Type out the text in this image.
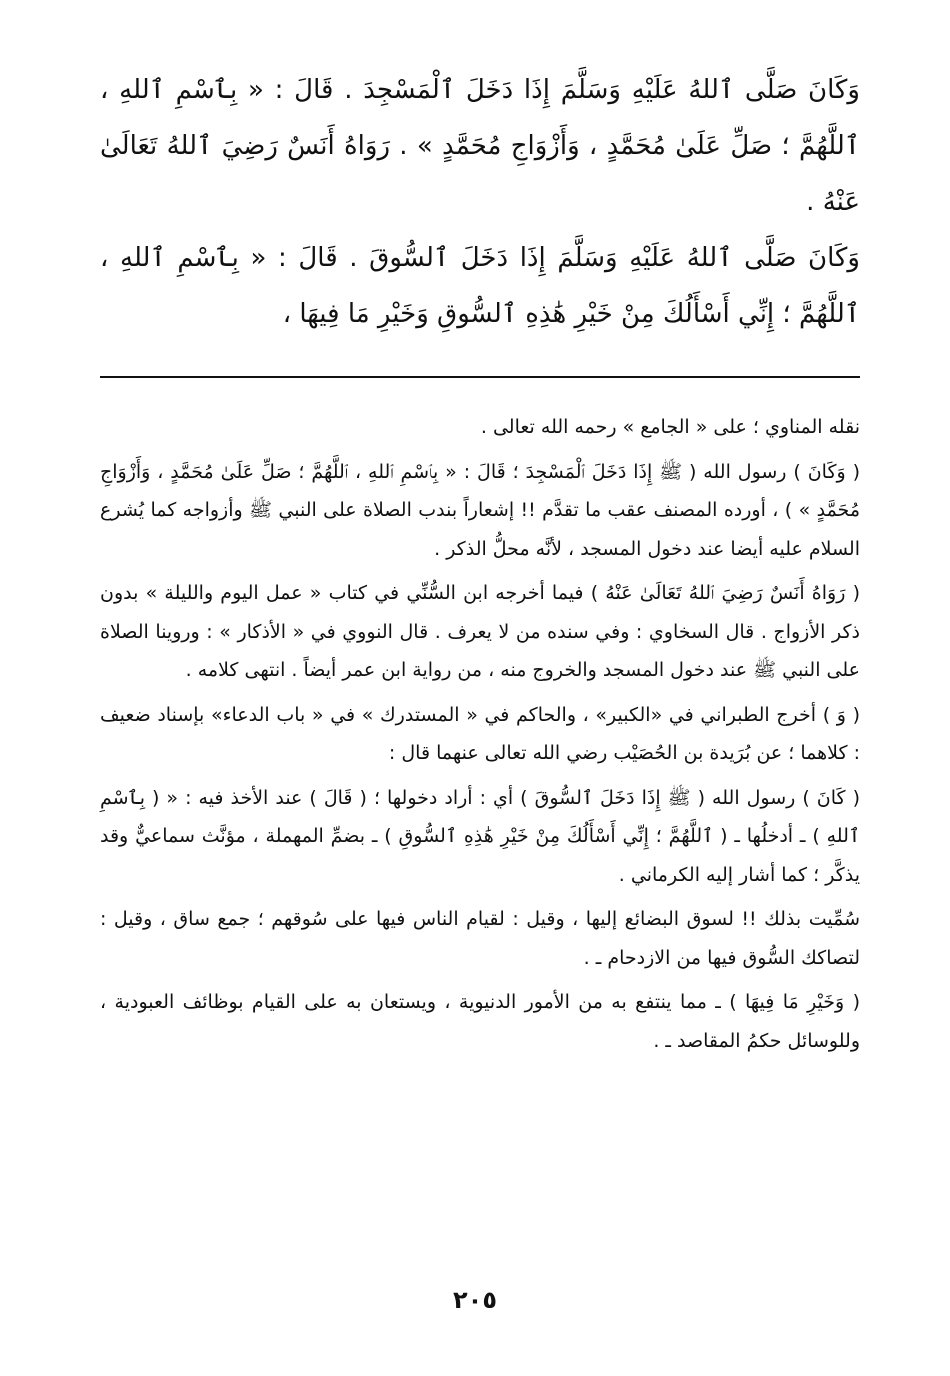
وَكَانَ صَلَّى ٱللهُ عَلَيْهِ وَسَلَّمَ إِذَا دَخَلَ ٱلْمَسْجِدَ . قَالَ : « بِٱسْمِ ٱللهِ ، ٱللَّهُمَّ ؛ صَلِّ عَلَىٰ مُحَمَّدٍ ، وَأَزْوَاجِ مُحَمَّدٍ » . رَوَاهُ أَنَسٌ رَضِيَ ٱللهُ تَعَالَىٰ عَنْهُ .

وَكَانَ صَلَّى ٱللهُ عَلَيْهِ وَسَلَّمَ إِذَا دَخَلَ ٱلسُّوقَ . قَالَ : « بِٱسْمِ ٱللهِ ، ٱللَّهُمَّ ؛ إِنِّي أَسْأَلُكَ مِنْ خَيْرِ هَٰذِهِ ٱلسُّوقِ وَخَيْرِ مَا فِيهَا ،

نقله المناوي ؛ على « الجامع » رحمه الله تعالى .

( وَكَانَ ) رسول الله ( ﷺ إِذَا دَخَلَ ٱلْمَسْجِدَ ؛ قَالَ : « بِٱسْمِ ٱللهِ ، ٱللَّهُمَّ ؛ صَلِّ عَلَىٰ مُحَمَّدٍ ، وَأَزْوَاجِ مُحَمَّدٍ » ) ، أورده المصنف عقب ما تقدَّم !! إشعاراً بندب الصلاة على النبي ﷺ وأزواجه كما يُشرع السلام عليه أيضا عند دخول المسجد ، لأنَّه محلُّ الذكر .

( رَوَاهُ أَنَسٌ رَضِيَ ٱللهُ تَعَالَىٰ عَنْهُ ) فيما أخرجه ابن السُّنِّي في كتاب « عمل اليوم والليلة » بدون ذكر الأزواج . قال السخاوي : وفي سنده من لا يعرف . قال النووي في « الأذكار » : وروينا الصلاة على النبي ﷺ عند دخول المسجد والخروج منه ، من رواية ابن عمر أيضاً . انتهى كلامه .

( وَ ) أخرج الطبراني في «الكبير» ، والحاكم في « المستدرك » في « باب الدعاء» بإسناد ضعيف : كلاهما ؛ عن بُرَيدة بن الحُصَيْب رضي الله تعالى عنهما قال :

( كَانَ ) رسول الله ( ﷺ إِذَا دَخَلَ ٱلسُّوقَ ) أي : أراد دخولها ؛ ( قَالَ ) عند الأخذ فيه : « ( بِٱسْمِ ٱللهِ ) ـ أدخلُها ـ ( ٱللَّهُمَّ ؛ إِنِّي أَسْأَلُكَ مِنْ خَيْرِ هَٰذِهِ ٱلسُّوقِ ) ـ بضمِّ المهملة ، مؤنَّث سماعيٌّ وقد يذكَّر ؛ كما أشار إليه الكرماني .

سُمِّيت بذلك !! لسوق البضائع إليها ، وقيل : لقيام الناس فيها على سُوقهم ؛ جمع ساق ، وقيل : لتصاكك السُّوق فيها من الازدحام ـ .

( وَخَيْرِ مَا فِيهَا ) ـ مما ينتفع به من الأمور الدنيوية ، ويستعان به على القيام بوظائف العبودية ، وللوسائل حكمُ المقاصد ـ .

٢٠٥
